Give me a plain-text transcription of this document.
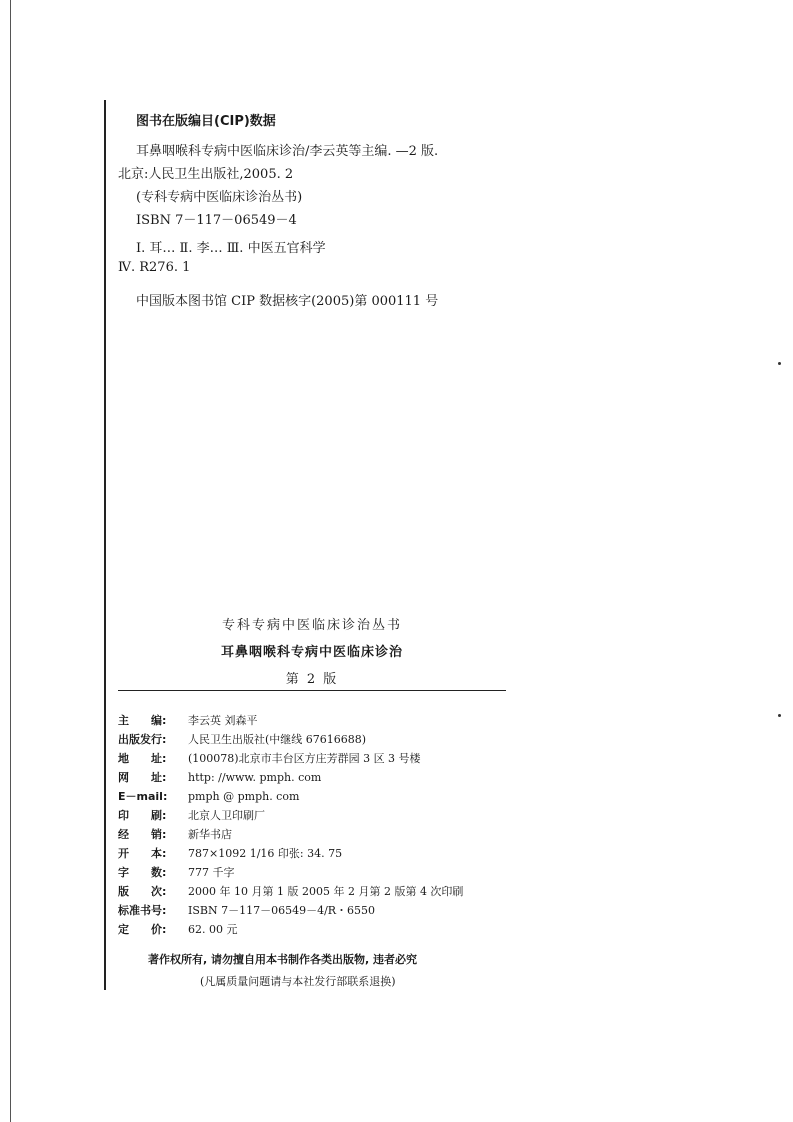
图书在版编目(CIP)数据
耳鼻咽喉科专病中医临床诊治/李云英等主编. —2 版.
北京:人民卫生出版社,2005. 2
(专科专病中医临床诊治丛书)
ISBN 7－117－06549－4
Ⅰ. 耳… Ⅱ. 李… Ⅲ. 中医五官科学
Ⅳ. R276. 1
中国版本图书馆 CIP 数据核字(2005)第 000111 号
专科专病中医临床诊治丛书
耳鼻咽喉科专病中医临床诊治
第 2 版
主　　编: 李云英 刘森平
出版发行: 人民卫生出版社(中继线 67616688)
地　　址: (100078)北京市丰台区方庄芳群园 3 区 3 号楼
网　　址: http: //www. pmph. com
E－mail: pmph @ pmph. com
印　　刷: 北京人卫印刷厂
经　　销: 新华书店
开　　本: 787×1092 1/16 印张: 34. 75
字　　数: 777 千字
版　　次: 2000 年 10 月第 1 版 2005 年 2 月第 2 版第 4 次印刷
标准书号: ISBN 7－117－06549－4/R・6550
定　　价: 62. 00 元
著作权所有, 请勿擅自用本书制作各类出版物, 违者必究
(凡属质量问题请与本社发行部联系退换)
